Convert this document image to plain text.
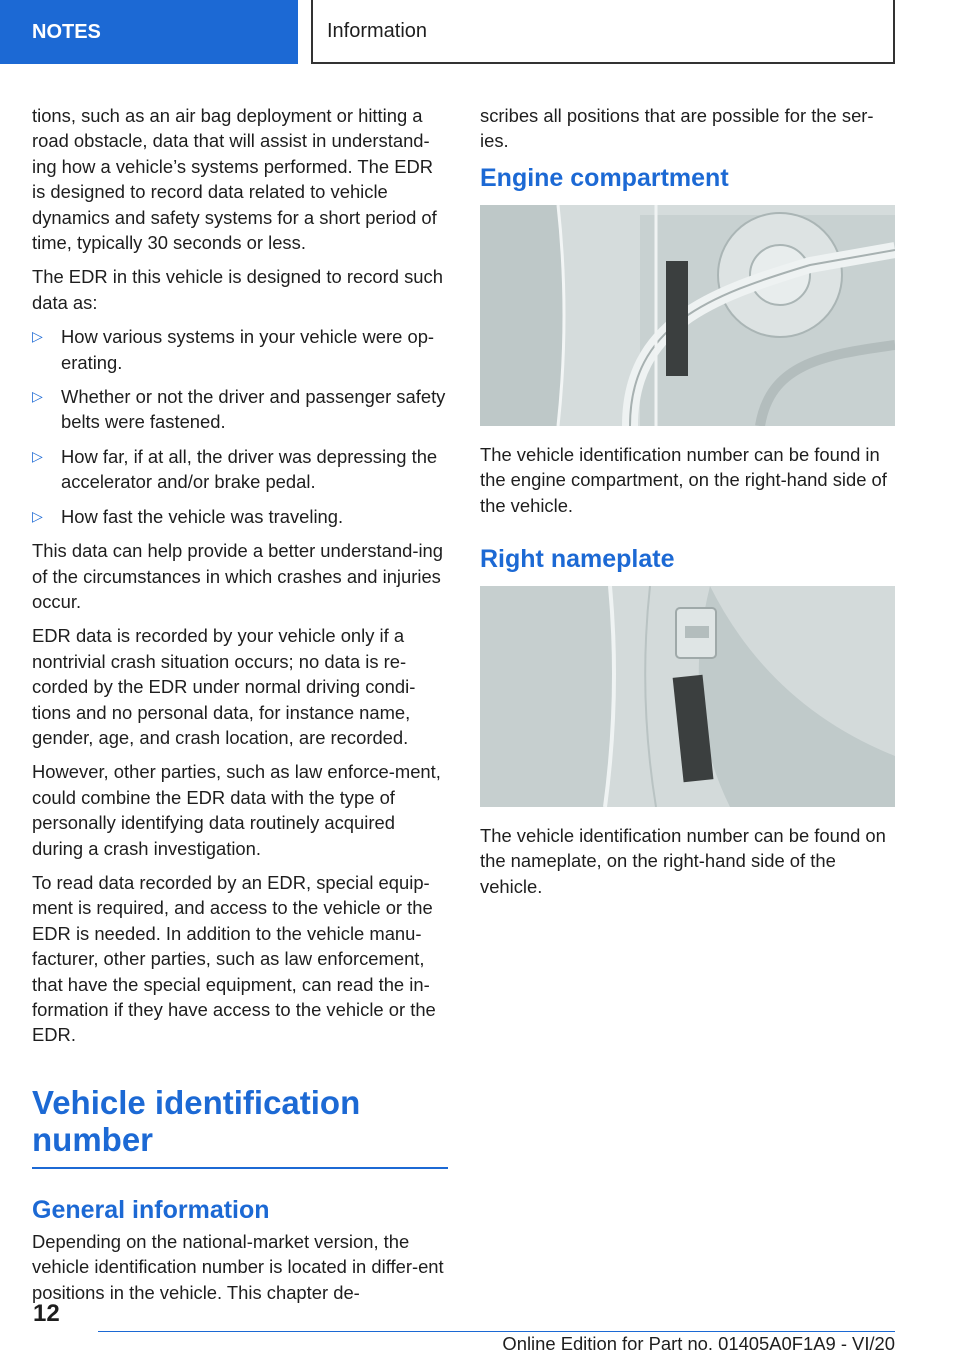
NOTES	Information

tions, such as an air bag deployment or hitting a road obstacle, data that will assist in understand‐ing how a vehicle’s systems performed. The EDR is designed to record data related to vehicle dynamics and safety systems for a short period of time, typically 30 seconds or less.

The EDR in this vehicle is designed to record such data as:

▷ How various systems in your vehicle were op‐erating.
▷ Whether or not the driver and passenger safety belts were fastened.
▷ How far, if at all, the driver was depressing the accelerator and/or brake pedal.
▷ How fast the vehicle was traveling.

This data can help provide a better understand‐ing of the circumstances in which crashes and injuries occur.

EDR data is recorded by your vehicle only if a nontrivial crash situation occurs; no data is re‐corded by the EDR under normal driving condi‐tions and no personal data, for instance name, gender, age, and crash location, are recorded.

However, other parties, such as law enforce‐ment, could combine the EDR data with the type of personally identifying data routinely acquired during a crash investigation.

To read data recorded by an EDR, special equip‐ment is required, and access to the vehicle or the EDR is needed. In addition to the vehicle manu‐facturer, other parties, such as law enforcement, that have the special equipment, can read the in‐formation if they have access to the vehicle or the EDR.

Vehicle identification number
General information

Depending on the national-market version, the vehicle identification number is located in differ‐ent positions in the vehicle. This chapter de‐

scribes all positions that are possible for the ser‐ies.

Engine compartment

The vehicle identification number can be found in the engine compartment, on the right-hand side of the vehicle.

Right nameplate

The vehicle identification number can be found on the nameplate, on the right-hand side of the vehicle.

12
Online Edition for Part no. 01405A0F1A9 - VI/20
